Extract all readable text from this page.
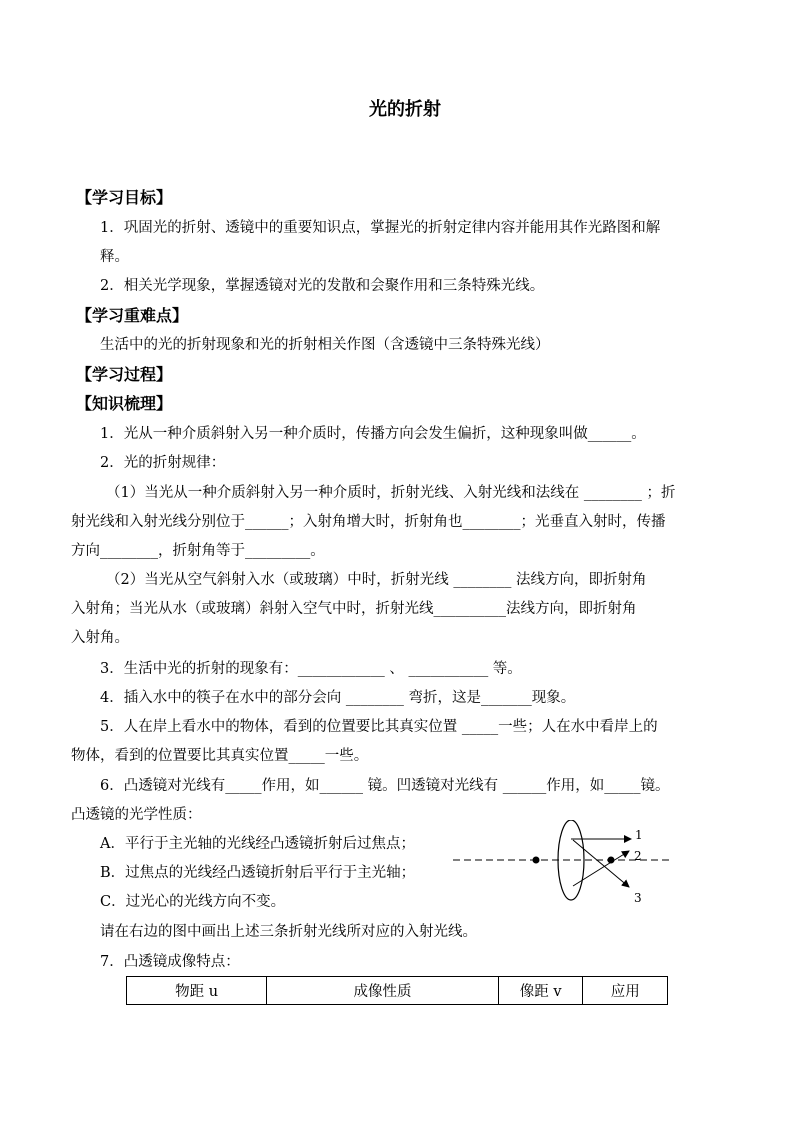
光的折射
【学习目标】
1．巩固光的折射、透镜中的重要知识点，掌握光的折射定律内容并能用其作光路图和解
释。
2．相关光学现象，掌握透镜对光的发散和会聚作用和三条特殊光线。
【学习重难点】
生活中的光的折射现象和光的折射相关作图（含透镜中三条特殊光线）
【学习过程】
【知识梳理】
1．光从一种介质斜射入另一种介质时，传播方向会发生偏折，这种现象叫做______。
2．光的折射规律：
（1）当光从一种介质斜射入另一种介质时，折射光线、入射光线和法线在 ________ ；折
射光线和入射光线分别位于______；入射角增大时，折射角也________；光垂直入射时，传播
方向________，折射角等于_________。
（2）当光从空气斜射入水（或玻璃）中时，折射光线 ________ 法线方向，即折射角
入射角；当光从水（或玻璃）斜射入空气中时，折射光线__________法线方向，即折射角
入射角。
3．生活中光的折射的现象有：____________ 、 ___________ 等。
4．插入水中的筷子在水中的部分会向 ________ 弯折，这是_______现象。
5．人在岸上看水中的物体，看到的位置要比其真实位置 _____一些；人在水中看岸上的
物体，看到的位置要比其真实位置_____一些。
6．凸透镜对光线有_____作用，如______ 镜。凹透镜对光线有 ______作用，如_____镜。
凸透镜的光学性质：
A．平行于主光轴的光线经凸透镜折射后过焦点；
B．过焦点的光线经凸透镜折射后平行于主光轴；
C．过光心的光线方向不变。
请在右边的图中画出上述三条折射光线所对应的入射光线。
7．凸透镜成像特点：
1
2
3
物距 u	成像性质	像距 v	应用
